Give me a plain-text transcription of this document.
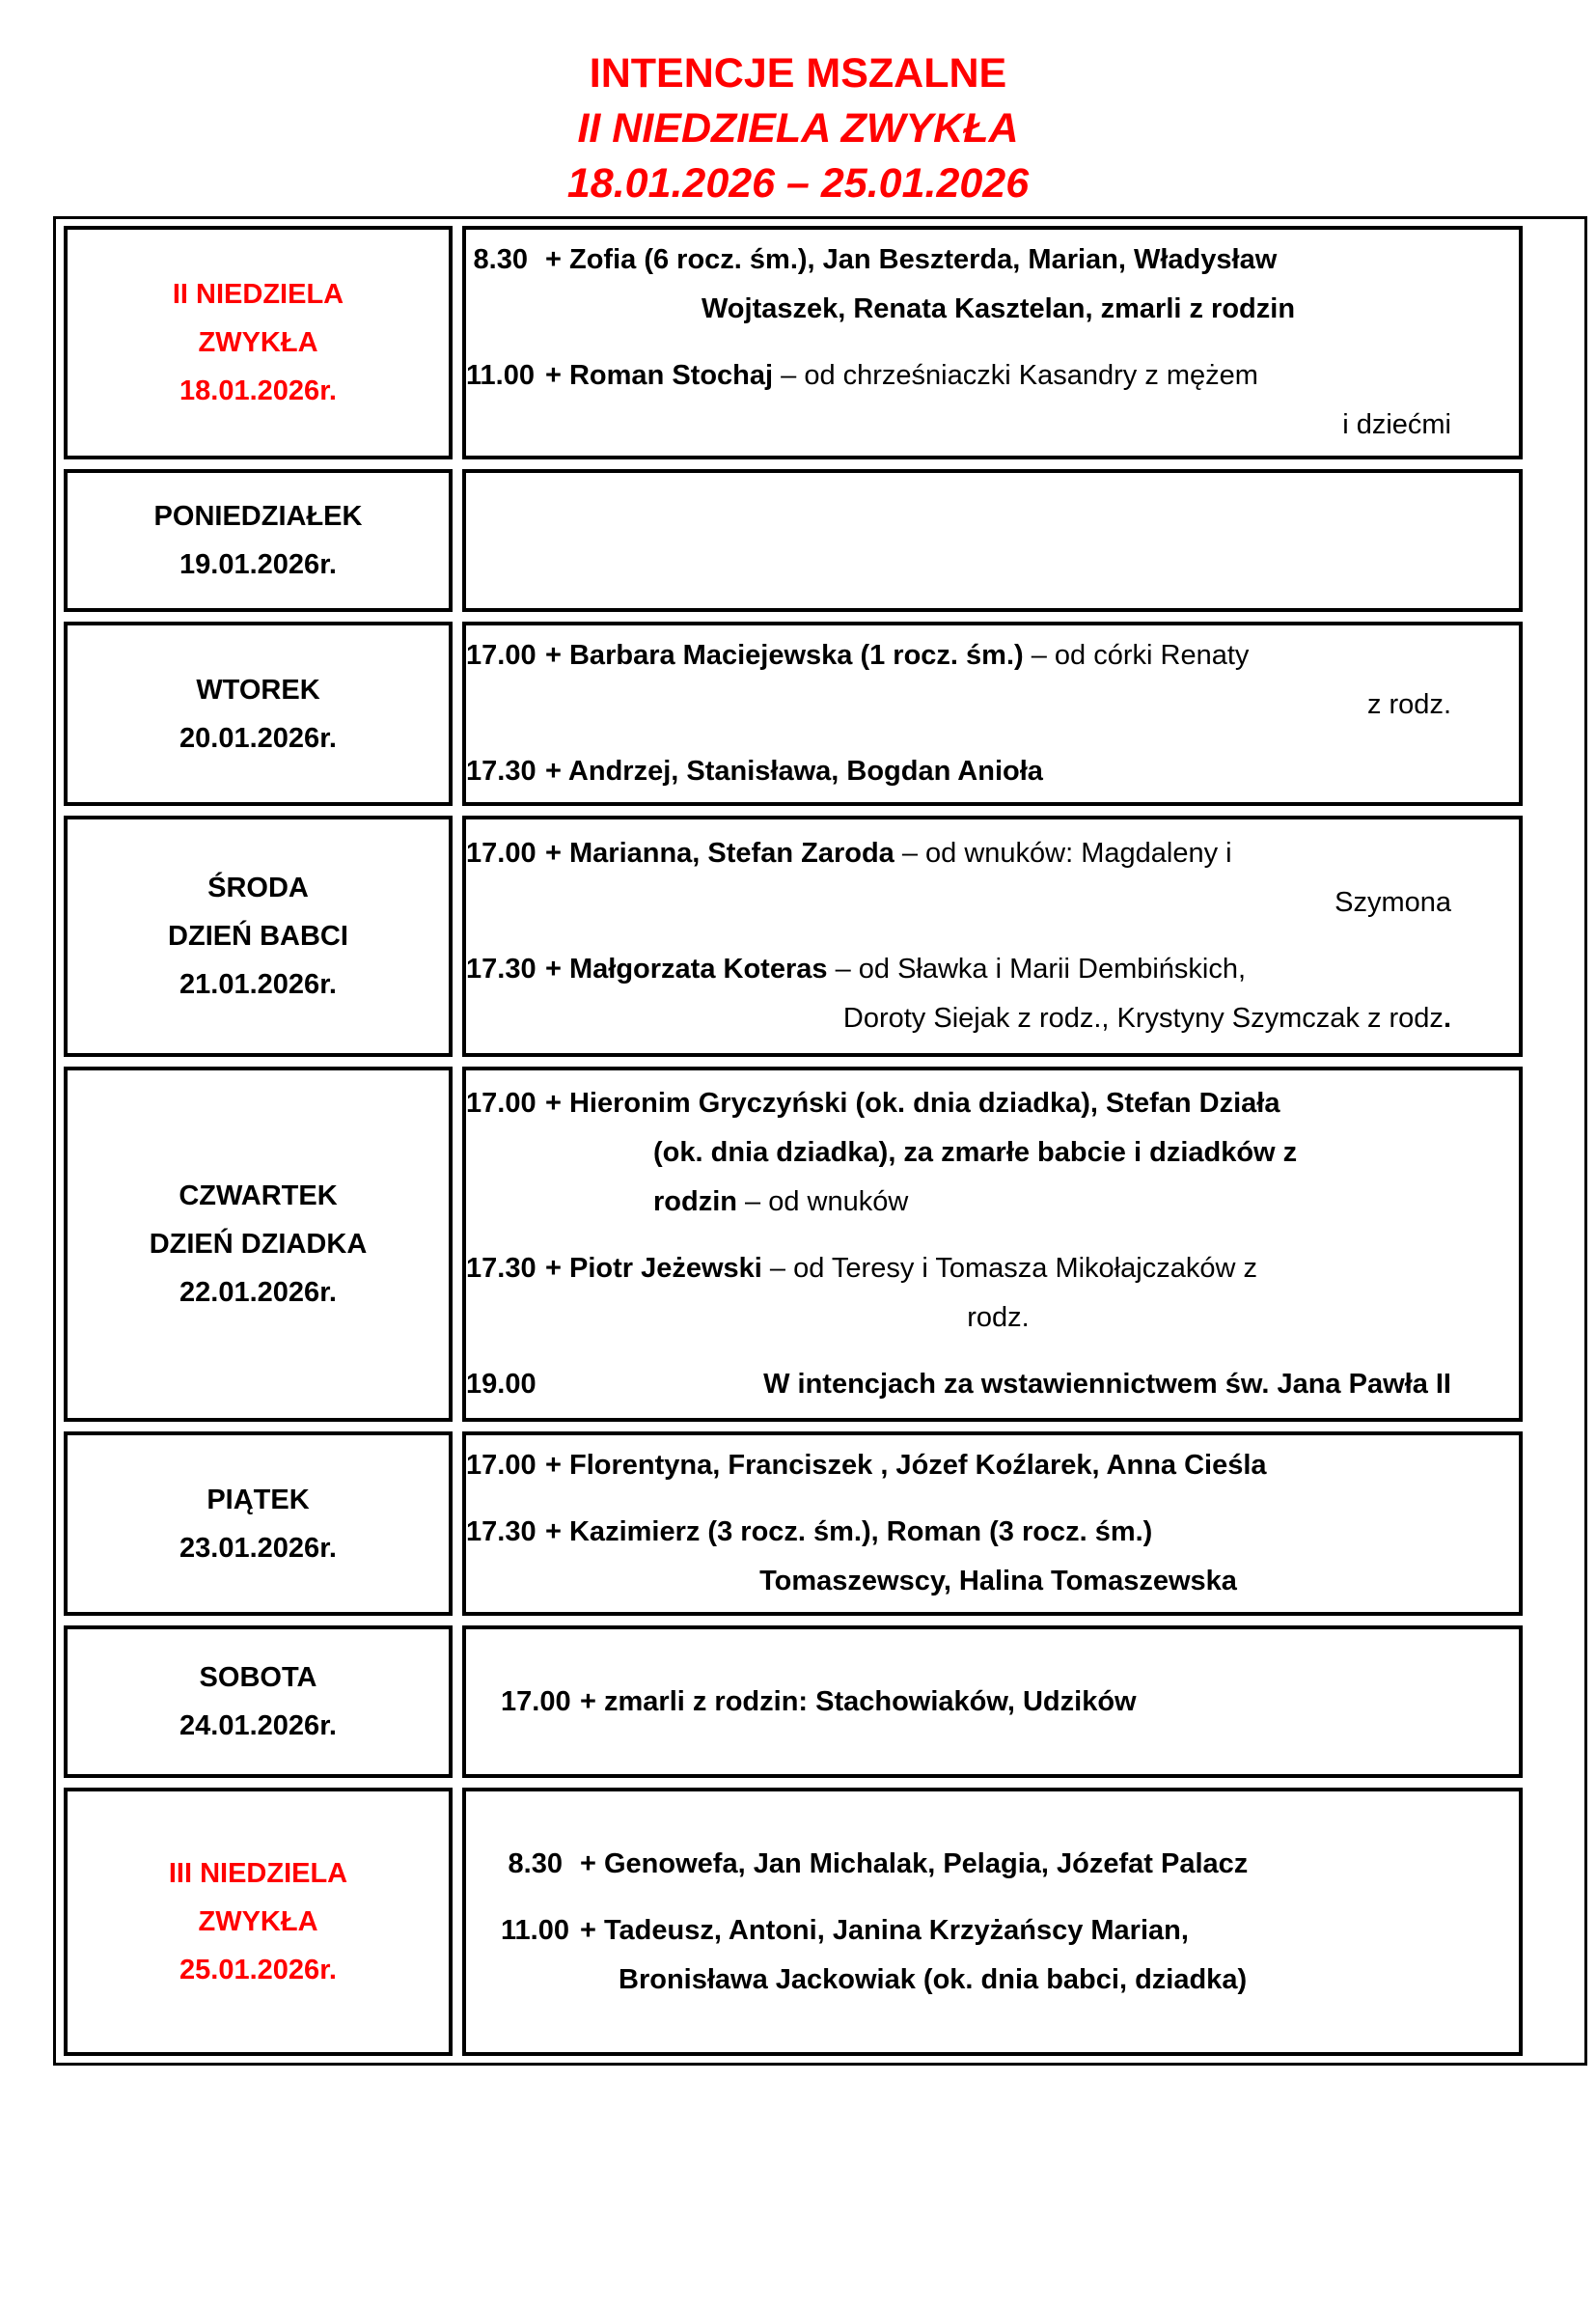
INTENCJE MSZALNE
II NIEDZIELA ZWYKŁA
18.01.2026 – 25.01.2026
II NIEDZIELA
ZWYKŁA
18.01.2026r.
8.30 + Zofia (6 rocz. śm.), Jan Beszterda, Marian, Władysław
Wojtaszek, Renata Kasztelan, zmarli z rodzin
11.00 + Roman Stochaj – od chrześniaczki Kasandry z mężem
i dziećmi
PONIEDZIAŁEK
19.01.2026r.
WTOREK
20.01.2026r.
17.00 + Barbara Maciejewska (1 rocz. śm.) – od córki Renaty
z rodz.
17.30 + Andrzej, Stanisława, Bogdan Anioła
ŚRODA
DZIEŃ BABCI
21.01.2026r.
17.00 + Marianna, Stefan Zaroda – od wnuków: Magdaleny i
Szymona
17.30 + Małgorzata Koteras – od Sławka i Marii Dembińskich,
Doroty Siejak z rodz., Krystyny Szymczak z rodz.
CZWARTEK
DZIEŃ DZIADKA
22.01.2026r.
17.00 + Hieronim Gryczyński (ok. dnia dziadka), Stefan Działa
(ok. dnia dziadka), za zmarłe babcie i dziadków z
rodzin – od wnuków
17.30 + Piotr Jeżewski – od Teresy i Tomasza Mikołajczaków z
rodz.
19.00	W intencjach za wstawiennictwem św. Jana Pawła II
PIĄTEK
23.01.2026r.
17.00 + Florentyna, Franciszek , Józef Koźlarek, Anna Cieśla
17.30 + Kazimierz (3 rocz. śm.), Roman (3 rocz. śm.)
Tomaszewscy, Halina Tomaszewska
SOBOTA
24.01.2026r.
17.00 + zmarli z rodzin: Stachowiaków, Udzików
III NIEDZIELA
ZWYKŁA
25.01.2026r.
8.30 + Genowefa, Jan Michalak, Pelagia, Józefat Palacz
11.00 + Tadeusz, Antoni, Janina Krzyżańscy Marian,
Bronisława Jackowiak (ok. dnia babci, dziadka)
